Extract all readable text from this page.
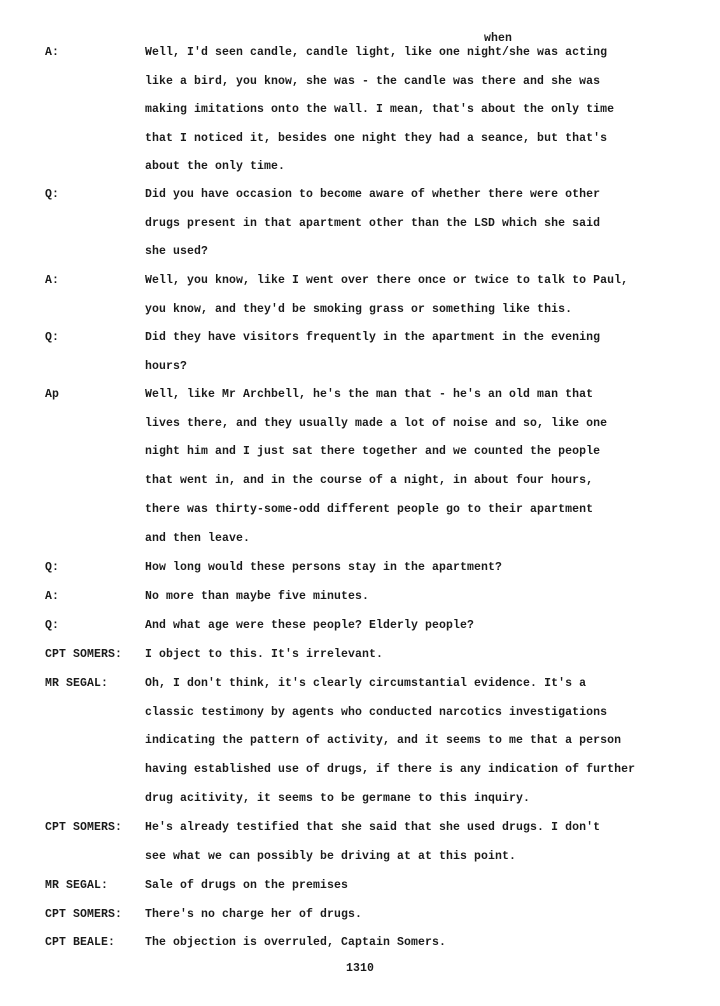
when
A:	Well, I'd seen candle, candle light, like one night/she was acting
like a bird, you know, she was - the candle was there and she was
making imitations onto the wall. I mean, that's about the only time
that I noticed it, besides one night they had a seance, but that's
about the only time.
Q:	Did you have occasion to become aware of whether there were other
drugs present in that apartment other than the LSD which she said
she used?
A:	Well, you know, like I went over there once or twice to talk to Paul,
you know, and they'd be smoking grass or something like this.
Q:	Did they have visitors frequently in the apartment in the evening
hours?
Ap	Well, like Mr Archbell, he's the man that - he's an old man that
lives there, and they usually made a lot of noise and so, like one
night him and I just sat there together and we counted the people
that went in, and in the course of a night, in about four hours,
there was thirty-some-odd different people go to their apartment
and then leave.
Q:	How long would these persons stay in the apartment?
A:	No more than maybe five minutes.
Q:	And what age were these people? Elderly people?
CPT SOMERS: I object to this. It's irrelevant.
MR SEGAL:	Oh, I don't think, it's clearly circumstantial evidence. It's a
classic testimony by agents who conducted narcotics investigations
indicating the pattern of activity, and it seems to me that a person
having established use of drugs, if there is any indication of further
drug acitivity, it seems to be germane to this inquiry.
CPT SOMERS: He's already testified that she said that she used drugs. I don't
see what we can possibly be driving at at this point.
MR SEGAL:	Sale of drugs on the premises
CPT SOMERS: There's no charge her of drugs.
CPT BEALE:	The objection is overruled, Captain Somers.
1310
